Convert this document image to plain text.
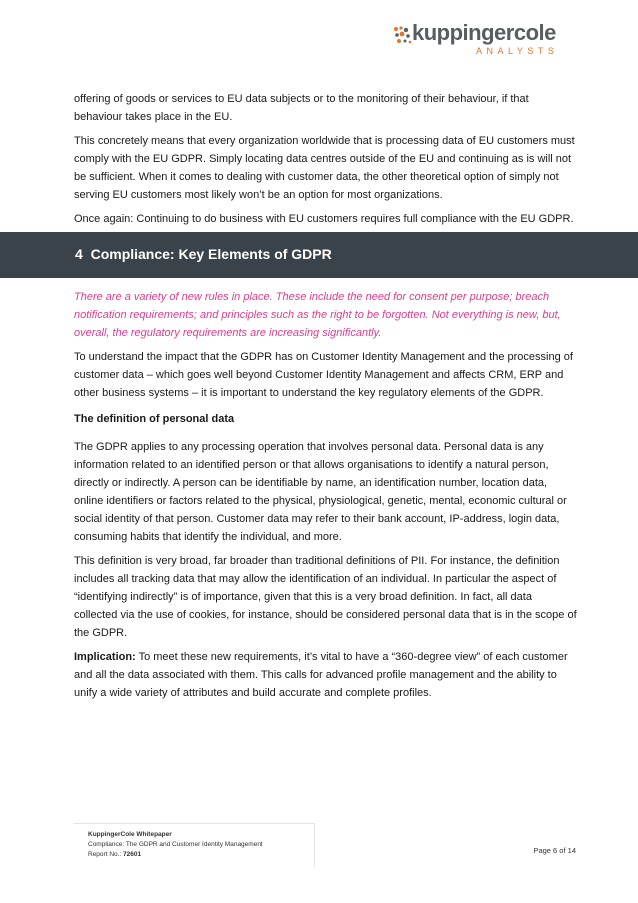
kuppingercole
ANALYSTS

offering of goods or services to EU data subjects or to the monitoring of their behaviour, if that behaviour takes place in the EU.

This concretely means that every organization worldwide that is processing data of EU customers must comply with the EU GDPR. Simply locating data centres outside of the EU and continuing as is will not be sufficient. When it comes to dealing with customer data, the other theoretical option of simply not serving EU customers most likely won’t be an option for most organizations.

Once again: Continuing to do business with EU customers requires full compliance with the EU GDPR.

4 Compliance: Key Elements of GDPR

There are a variety of new rules in place. These include the need for consent per purpose; breach notification requirements; and principles such as the right to be forgotten. Not everything is new, but, overall, the regulatory requirements are increasing significantly.

To understand the impact that the GDPR has on Customer Identity Management and the processing of customer data – which goes well beyond Customer Identity Management and affects CRM, ERP and other business systems – it is important to understand the key regulatory elements of the GDPR.

The definition of personal data

The GDPR applies to any processing operation that involves personal data. Personal data is any information related to an identified person or that allows organisations to identify a natural person, directly or indirectly. A person can be identifiable by name, an identification number, location data, online identifiers or factors related to the physical, physiological, genetic, mental, economic cultural or social identity of that person. Customer data may refer to their bank account, IP-address, login data, consuming habits that identify the individual, and more.

This definition is very broad, far broader than traditional definitions of PII. For instance, the definition includes all tracking data that may allow the identification of an individual. In particular the aspect of “identifying indirectly” is of importance, given that this is a very broad definition. In fact, all data collected via the use of cookies, for instance, should be considered personal data that is in the scope of the GDPR.

Implication: To meet these new requirements, it’s vital to have a “360-degree view” of each customer and all the data associated with them. This calls for advanced profile management and the ability to unify a wide variety of attributes and build accurate and complete profiles.

KuppingerCole Whitepaper
Compliance: The GDPR and Customer Identity Management
Report No.: 72601	Page 6 of 14
